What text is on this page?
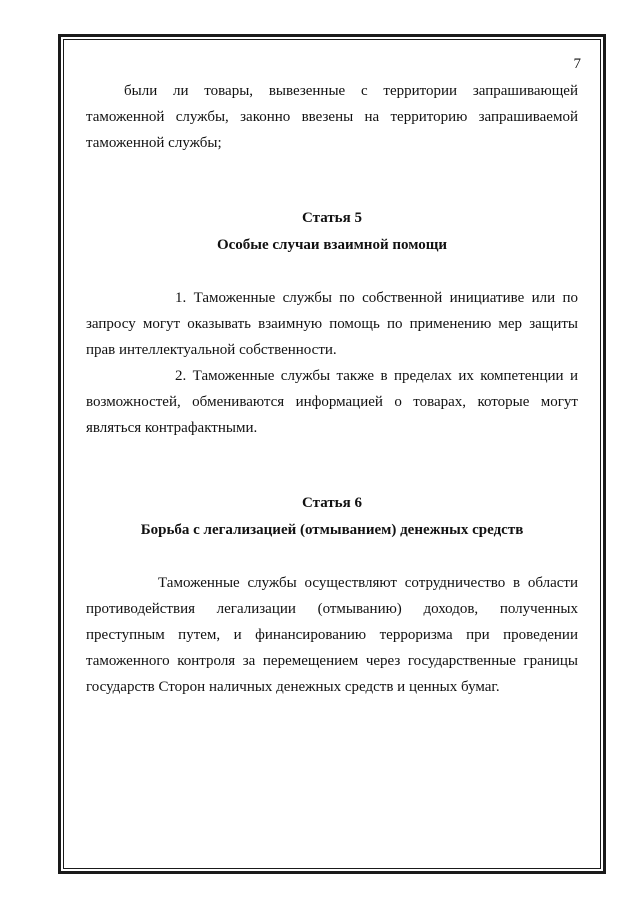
7

были ли товары, вывезенные с территории запрашивающей таможенной службы, законно ввезены на территорию запрашиваемой таможенной службы;

Статья 5
Особые случаи взаимной помощи

1. Таможенные службы по собственной инициативе или по запросу могут оказывать взаимную помощь по применению мер защиты прав интеллектуальной собственности.

2. Таможенные службы также в пределах их компетенции и возможностей, обмениваются информацией о товарах, которые могут являться контрафактными.

Статья 6
Борьба с легализацией (отмыванием) денежных средств

Таможенные службы осуществляют сотрудничество в области противодействия легализации (отмыванию) доходов, полученных преступным путем, и финансированию терроризма при проведении таможенного контроля за перемещением через государственные границы государств Сторон наличных денежных средств и ценных бумаг.
